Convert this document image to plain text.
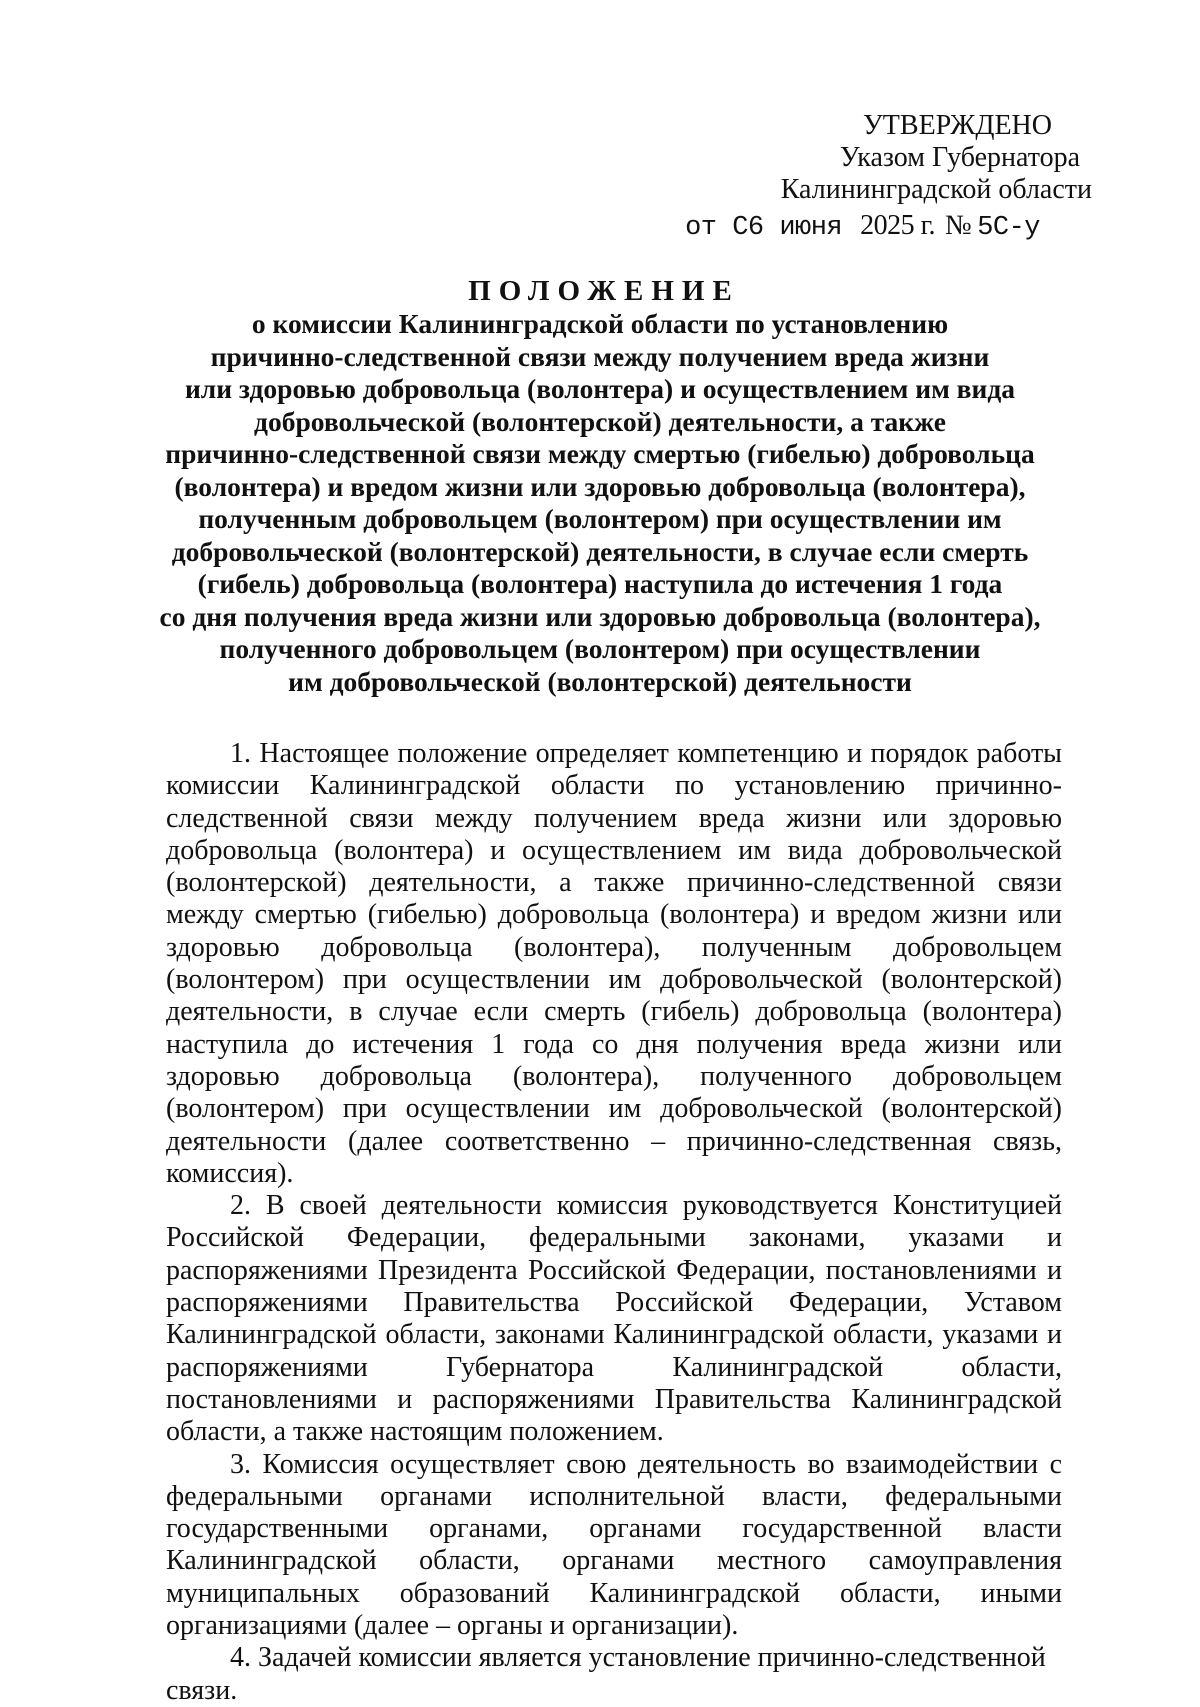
УТВЕРЖДЕНО
Указом Губернатора
Калининградской области
от С6 июня 2025 г. № 5С-у
ПОЛОЖЕНИЕ
о комиссии Калининградской области по установлению
причинно-следственной связи между получением вреда жизни
или здоровью добровольца (волонтера) и осуществлением им вида
добровольческой (волонтерской) деятельности, а также
причинно-следственной связи между смертью (гибелью) добровольца
(волонтера) и вредом жизни или здоровью добровольца (волонтера),
полученным добровольцем (волонтером) при осуществлении им
добровольческой (волонтерской) деятельности, в случае если смерть
(гибель) добровольца (волонтера) наступила до истечения 1 года
со дня получения вреда жизни или здоровью добровольца (волонтера),
полученного добровольцем (волонтером) при осуществлении
им добровольческой (волонтерской) деятельности

1. Настоящее положение определяет компетенцию и порядок работы комиссии Калининградской области по установлению причинно-следственной связи между получением вреда жизни или здоровью добровольца (волонтера) и осуществлением им вида добровольческой (волонтерской) деятельности, а также причинно-следственной связи между смертью (гибелью) добровольца (волонтера) и вредом жизни или здоровью добровольца (волонтера), полученным добровольцем (волонтером) при осуществлении им добровольческой (волонтерской) деятельности, в случае если смерть (гибель) добровольца (волонтера) наступила до истечения 1 года со дня получения вреда жизни или здоровью добровольца (волонтера), полученного добровольцем (волонтером) при осуществлении им добровольческой (волонтерской) деятельности (далее соответственно – причинно-следственная связь, комиссия).

2. В своей деятельности комиссия руководствуется Конституцией Российской Федерации, федеральными законами, указами и распоряжениями Президента Российской Федерации, постановлениями и распоряжениями Правительства Российской Федерации, Уставом Калининградской области, законами Калининградской области, указами и распоряжениями Губернатора Калининградской области, постановлениями и распоряжениями Правительства Калининградской области, а также настоящим положением.

3. Комиссия осуществляет свою деятельность во взаимодействии с федеральными органами исполнительной власти, федеральными государственными органами, органами государственной власти Калининградской области, органами местного самоуправления муниципальных образований Калининградской области, иными организациями (далее – органы и организации).

4. Задачей комиссии является установление причинно-следственной связи.
